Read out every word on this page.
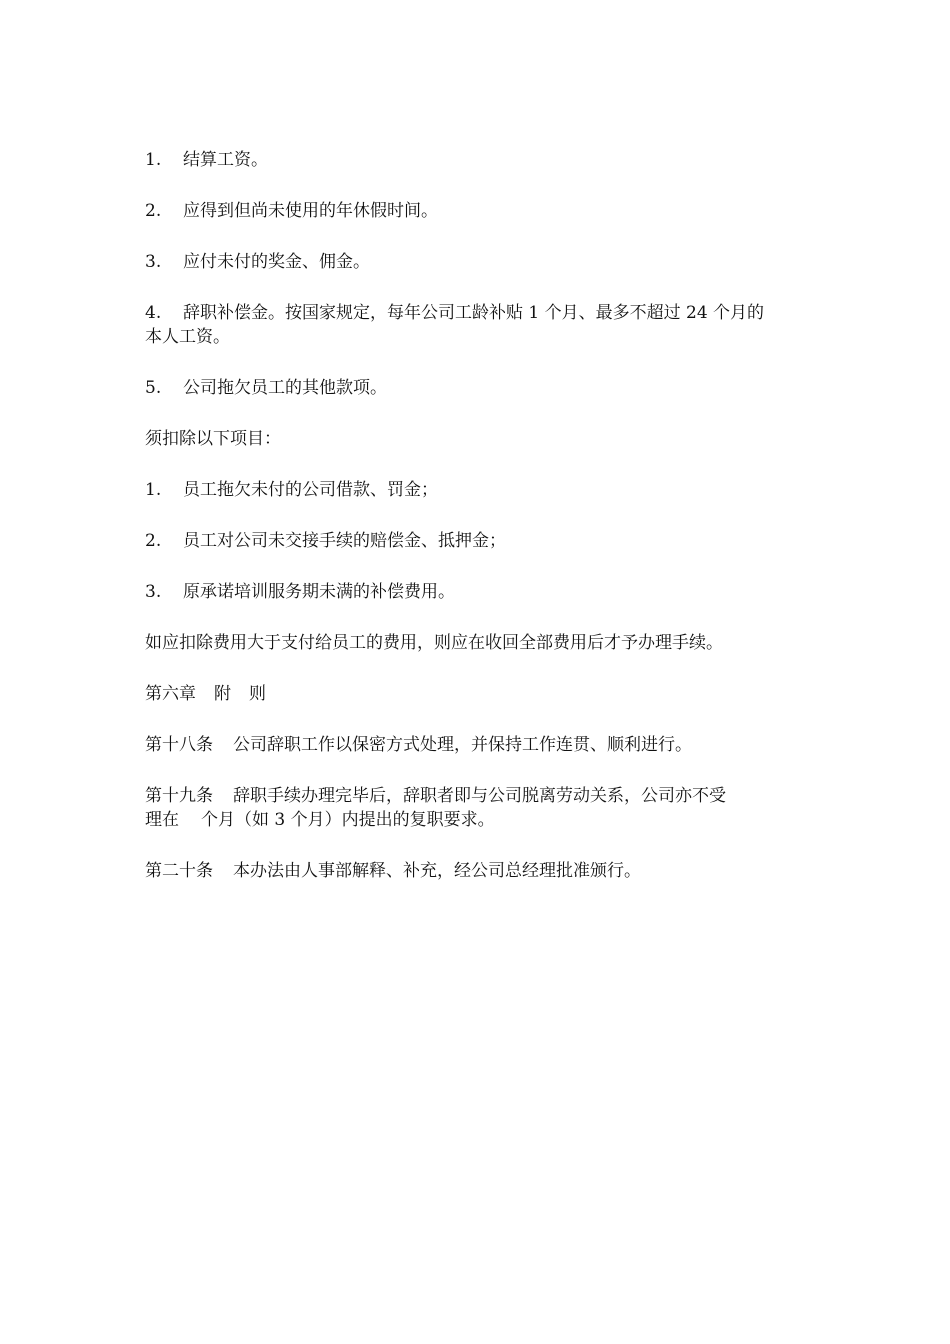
1.	结算工资。
2.	应得到但尚未使用的年休假时间。
3.	应付未付的奖金、佣金。
4.	辞职补偿金。按国家规定，每年公司工龄补贴 1 个月、最多不超过 24 个月的
本人工资。
5.	公司拖欠员工的其他款项。
须扣除以下项目：
1.	员工拖欠未付的公司借款、罚金；
2.	员工对公司未交接手续的赔偿金、抵押金；
3.	原承诺培训服务期未满的补偿费用。
如应扣除费用大于支付给员工的费用，则应在收回全部费用后才予办理手续。
第六章 附 则
第十八条 公司辞职工作以保密方式处理，并保持工作连贯、顺利进行。
第十九条 辞职手续办理完毕后，辞职者即与公司脱离劳动关系，公司亦不受
理在 个月（如 3 个月）内提出的复职要求。
第二十条 本办法由人事部解释、补充，经公司总经理批准颁行。
